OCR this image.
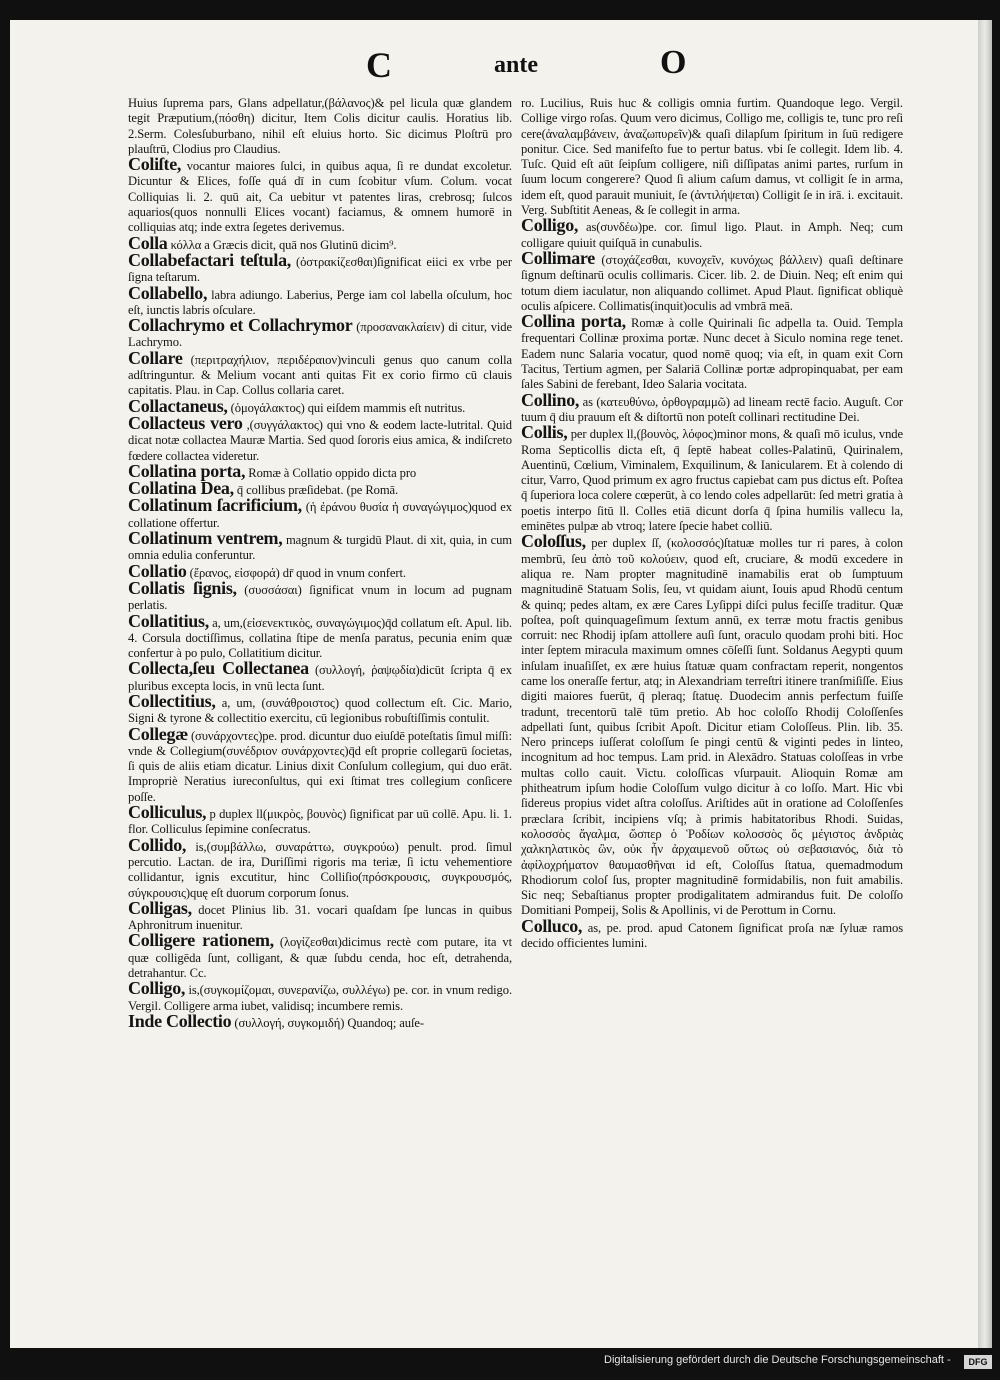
C	ante	O

Huius ſuprema pars, Glans adpellatur,(βάλανος)& pel licula quæ glandem tegit Præputium,(πόσθη) dicitur, Item Colis dicitur caulis. Horatius lib. 2.Serm. Colesſuburbano, nihil eſt eluius horto. Sic dicimus Ploſtrū pro plauſtrū, Clodius pro Claudius.

Coliſte, vocantur maiores ſulci, in quibus aqua, ſi re dundat excoletur. Dicuntur & Elices, foſſe quá dī in cum ſcobitur vſum. Colum. vocat Colliquias li. 2. quū ait, Ca uebitur vt patentes liras, crebrosq; ſulcos aquarios(quos nonnulli Elices vocant) faciamus, & omnem humorē in colliquias atq; inde extra ſegetes derivemus.

Colla κόλλα a Græcis dicit, quā nos Glutinū dicim⁹.

Collabefactari teſtula, (ὀστρακίζεσθαι)ſignificat eiici ex vrbe per ſigna teſtarum.

Collabello, labra adiungo. Laberius, Perge iam col labella oſculum, hoc eſt, iunctis labris oſculare.

Collachrymo et Collachrymor (προσανακλαίειν) di citur, vide Lachrymo.

Collare (περιτραχήλιον, περιδέραιον)vinculi genus quo canum colla adſtringuntur. & Melium vocant anti quitas Fit ex corio firmo cū clauis capitatis. Plau. in Cap. Collus collaria caret.

Collactaneus, (ὁμογάλακτος) qui eiſdem mammis eſt nutritus.

Collacteus vero ,(συγγάλακτος) qui vno & eodem lacte-lutrital. Quid dicat notæ collactea Mauræ Martia. Sed quod ſororis eius amica, & indiſcreto fœdere collactea videretur.

Collatina porta, Romæ à Collatio oppido dicta pro

Collatina Dea, q̄ collibus præſidebat. (pe Romā.

Collatinum ſacrificium, (ἡ ἐράνου θυσία ἡ συναγώγιμος)quod ex collatione offertur.

Collatinum ventrem, magnum & turgidū Plaut. di xit, quia, in cum omnia edulia conferuntur.

Collatio (ἔρανος, εἰσφορά) dr̄ quod in vnum confert.

Collatis ſignis, (συσσάσαι) ſignificat vnum in locum ad pugnam perlatis.

Collatitius, a, um,(εἰσενεκτικὸς, συναγώγιμος)q̄d collatum eſt. Apul. lib. 4. Corsula doctiſſimus, collatina ſtipe de menſa paratus, pecunia enim quæ confertur à po pulo, Collatitium dicitur.

Collecta,ſeu Collectanea (συλλογή, ῥαψῳδία)dicūt ſcripta q̄ ex pluribus excepta locis, in vnū lecta ſunt.

Collectitius, a, um, (συνάθροιστος) quod collectum eſt. Cic. Mario, Signi & tyrone & collectitio exercitu, cū legionibus robuſtiſſimis contulit.

Collegæ (συνάρχοντες)pe. prod. dicuntur duo eiuſdē poteſtatis ſimul miſſi: vnde & Collegium(συνέδριον συνάρχοντες)q̄d eſt proprie collegarū ſocietas, ſi quis de aliis etiam dicatur. Linius dixit Conſulum collegium, qui duo erāt. Impropriè Neratius iureconſultus, qui exi ſtimat tres collegium conſicere poſſe.

Colliculus, p duplex ll(μικρὸς, βουνὸς) ſignificat par uū collē. Apu. li. 1. flor. Colliculus ſepimine conſecratus.

Collido, is,(συμβάλλω, συναράττω, συγκρούω) penult. prod. ſimul percutio. Lactan. de ira, Duriſſimi rigoris ma teriæ, ſi ictu vehementiore collidantur, ignis excutitur, hinc Colliſio(πρόσκρουσις, συγκρουσμός, σύγκρουσις)quę eſt duorum corporum ſonus.

Colligas, docet Plinius lib. 31. vocari quaſdam ſpe luncas in quibus Aphronitrum inuenitur.

Colligere rationem, (λογίζεσθαι)dicimus rectè com putare, ita vt quæ colligēda ſunt, colligant, & quæ ſubdu cenda, hoc eſt, detrahenda, detrahantur. Cc.

Colligo, is,(συγκομίζομαι, συνερανίζω, συλλέγω) pe. cor. in vnum redigo. Vergil. Colligere arma iubet, validisq; incumbere remis.

Inde Collectio (συλλογή, συγκομιδή) Quandoq; auſe-

ro. Lucilius, Ruis huc & colligis omnia furtim. Quandoque lego. Vergil. Collige virgo roſas. Quum vero dicimus, Colligo me, colligis te, tunc pro reſi cere(ἀναλαμβάνειν, ἀναζωπυρεῖν)& quaſi dilapſum ſpiritum in ſuū redigere ponitur. Cice. Sed manifeſto fue to pertur batus. vbi ſe collegit. Idem lib. 4. Tuſc. Quid eſt aūt ſeipſum colligere, niſi diſſipatas animi partes, rurſum in ſuum locum congerere? Quod ſi alium caſum damus, vt colligit ſe in arma, idem eſt, quod parauit muniuit, ſe (ἀντιλήψεται) Colligit ſe in irā. i. excitauit. Verg. Subſtitit Aeneas, & ſe collegit in arma.

Colligo, as(συνδέω)pe. cor. ſimul ligo. Plaut. in Amph. Neq; cum colligare quiuit quiſquā in cunabulis.

Collimare (στοχάζεσθαι, κυνοχεῖν, κυνόχως βάλλειν) quaſi deſtinare ſignum deſtinarū oculis collimaris. Cicer. lib. 2. de Diuin. Neq; eſt enim qui totum diem iaculatur, non aliquando collimet. Apud Plaut. ſignificat obliquè oculis aſpicere. Collimatis(inquit)oculis ad vmbrā meā.

Collina porta, Romæ à colle Quirinali ſic adpella ta. Ouid. Templa frequentari Collinæ proxima portæ. Nunc decet à Siculo nomina rege tenet. Eadem nunc Salaria vocatur, quod nomē quoq; via eſt, in quam exit Corn Tacitus, Tertium agmen, per Salariā Collinæ portæ adpropinquabat, per eam ſales Sabini de ferebant, Ideo Salaria vocitata.

Collino, as (κατευθύνω, ὀρθογραμμῶ) ad lineam rectē facio. Auguſt. Cor tuum q̄ diu prauum eſt & diſtortū non poteſt collinari rectitudine Dei.

Collis, per duplex ll,(βουνὸς, λόφος)minor mons, & quaſi mō iculus, vnde Roma Septicollis dicta eſt, q̄ ſeptē habeat colles-Palatinū, Quirinalem, Auentinū, Cœlium, Viminalem, Exquilinum, & Ianicularem. Et à colendo di citur, Varro, Quod primum ex agro fructus capiebat cam pus dictus eſt. Poſtea q̄ ſuperiora loca colere cœperūt, à co lendo coles adpellarūt: ſed metri gratia à poetis interpo ſitū ll. Colles etiā dicunt dorſa q̄ ſpina humilis vallecu la, eminētes pulpæ ab vtroq; latere ſpecie habet colliū.

Coloſſus, per duplex ſſ, (κολοσσός)ſtatuæ molles tur ri pares, à colon membrū, ſeu ἀπὸ τοῦ κολούειν, quod eſt, cruciare, & modū excedere in aliqua re. Nam propter magnitudinē inamabilis erat ob ſumptuum magnitudinē Statuam Solis, ſeu, vt quidam aiunt, Iouis apud Rhodū centum & quinq; pedes altam, ex ære Cares Lyſippi diſci pulus feciſſe traditur. Quæ poſtea, poſt quinquageſimum ſextum annū, ex terræ motu fractis genibus corruit: nec Rhodij ipſam attollere auſi ſunt, oraculo quodam prohi biti. Hoc inter ſeptem miracula maximum omnes cōſeſſi ſunt. Soldanus Aegypti quum inſulam inuaſiſſet, ex ære huius ſtatuæ quam confractam reperit, nongentos came los oneraſſe fertur, atq; in Alexandriam terreſtri itinere tranſmiſiſſe. Eius digiti maiores fuerūt, q̄ pleraq; ſtatuę. Duodecim annis perfectum fuiſſe tradunt, trecentorū talē tūm pretio. Ab hoc coloſſo Rhodij Coloſſenſes adpellati ſunt, quibus ſcribit Apoſt. Dicitur etiam Coloſſeus. Plin. lib. 35. Nero princeps iuſſerat coloſſum ſe pingi centū & viginti pedes in linteo, incognitum ad hoc tempus. Lam prid. in Alexādro. Statuas coloſſeas in vrbe multas collo cauit. Victu. coloſſicas vſurpauit. Alioquin Romæ am phitheatrum ipſum hodie Coloſſum vulgo dicitur à co loſſo. Mart. Hic vbi ſidereus propius videt aſtra coloſſus. Ariſtides aūt in oratione ad Coloſſenſes præclara ſcribit, incipiens vſq; à primis habitatoribus Rhodi. Suidas, κολοσσὸς ἄγαλμα, ὥσπερ ὁ Ῥοδίων κολοσσὸς ὅς μέγιστος ἀνδριὰς χαλκηλατικὸς ὢν, οὐκ ἦν ἀρχαιμενοῦ οὕτως οὐ σεβασιανός, διὰ τὸ ἀφίλοχρήματον θαυμασθῆναι id eſt, Coloſſus ſtatua, quemadmodum Rhodiorum coloſ ſus, propter magnitudinē formidabilis, non fuit amabilis. Sic neq; Sebaſtianus propter prodigalitatem admirandus fuit. De coloſſo Domitiani Pompeij, Solis & Apollinis, vi de Perottum in Cornu.

Colluco, as, pe. prod. apud Catonem ſignificat proſa næ ſyluæ ramos decido officientes lumini.

Digitalisierung gefördert durch die Deutsche Forschungsgemeinschaft -	DFG
